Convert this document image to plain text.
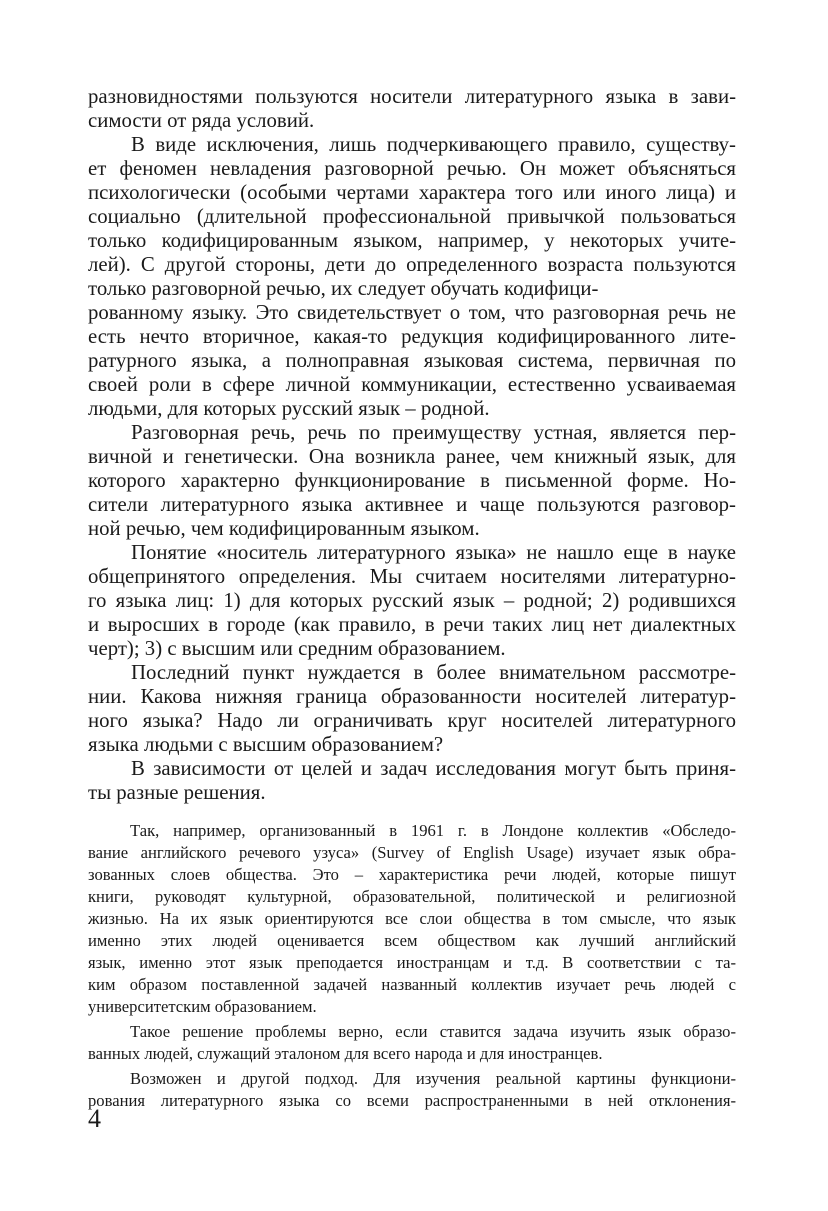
разновидностями пользуются носители литературного языка в зави-
симости от ряда условий.
В виде исключения, лишь подчеркивающего правило, существу-
ет феномен невладения разговорной речью. Он может объясняться
психологически (особыми чертами характера того или иного лица) и
социально (длительной профессиональной привычкой пользоваться
только кодифицированным языком, например, у некоторых учите-
лей). С другой стороны, дети до определенного возраста пользуются
только разговорной речью, их следует обучать кодифици-
рованному языку. Это свидетельствует о том, что разговорная речь не
есть нечто вторичное, какая-то редукция кодифицированного лите-
ратурного языка, а полноправная языковая система, первичная по
своей роли в сфере личной коммуникации, естественно усваиваемая
людьми, для которых русский язык – родной.
Разговорная речь, речь по преимуществу устная, является пер-
вичной и генетически. Она возникла ранее, чем книжный язык, для
которого характерно функционирование в письменной форме. Но-
сители литературного языка активнее и чаще пользуются разговор-
ной речью, чем кодифицированным языком.
Понятие «носитель литературного языка» не нашло еще в науке
общепринятого определения. Мы считаем носителями литературно-
го языка лиц: 1) для которых русский язык – родной; 2) родившихся
и выросших в городе (как правило, в речи таких лиц нет диалектных
черт); 3) с высшим или средним образованием.
Последний пункт нуждается в более внимательном рассмотре-
нии. Какова нижняя граница образованности носителей литератур-
ного языка? Надо ли ограничивать круг носителей литературного
языка людьми с высшим образованием?
В зависимости от целей и задач исследования могут быть приня-
ты разные решения.
Так, например, организованный в 1961 г. в Лондоне коллектив «Обследо-
вание английского речевого узуса» (Survey of English Usage) изучает язык обра-
зованных слоев общества. Это – характеристика речи людей, которые пишут
книги, руководят культурной, образовательной, политической и религиозной
жизнью. На их язык ориентируются все слои общества в том смысле, что язык
именно этих людей оценивается всем обществом как лучший английский
язык, именно этот язык преподается иностранцам и т.д. В соответствии с та-
ким образом поставленной задачей названный коллектив изучает речь людей с
университетским образованием.
Такое решение проблемы верно, если ставится задача изучить язык образо-
ванных людей, служащий эталоном для всего народа и для иностранцев.
Возможен и другой подход. Для изучения реальной картины функциони-
рования литературного языка со всеми распространенными в ней отклонения-
4
